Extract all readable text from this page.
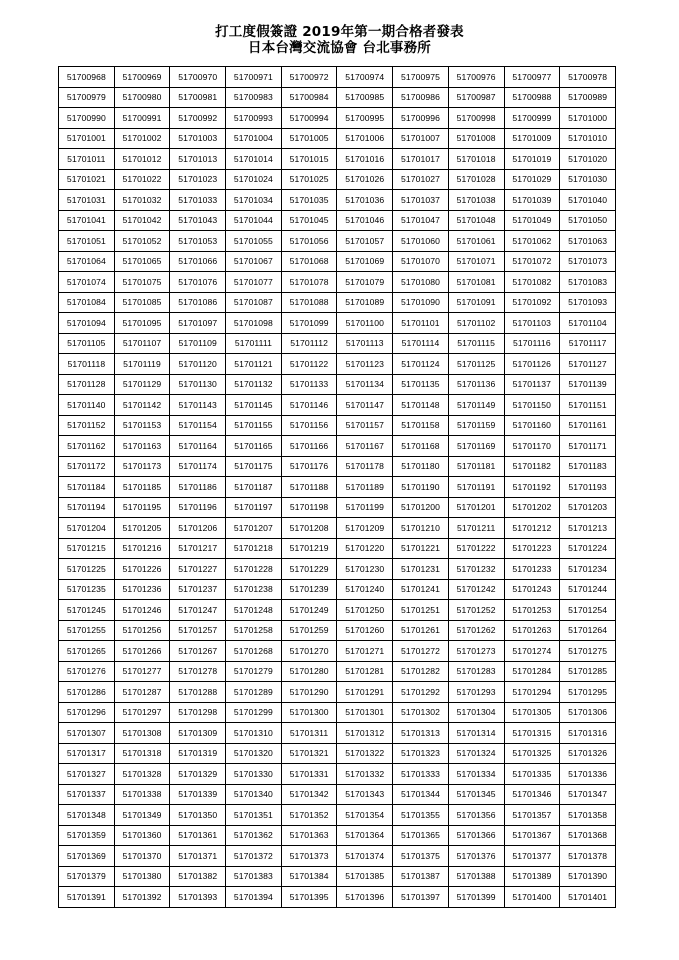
打工度假簽證 2019年第一期合格者發表
日本台灣交流協會 台北事務所
51700968	51700969	51700970	51700971	51700972	51700974	51700975	51700976	51700977	51700978
51700979	51700980	51700981	51700983	51700984	51700985	51700986	51700987	51700988	51700989
51700990	51700991	51700992	51700993	51700994	51700995	51700996	51700998	51700999	51701000
51701001	51701002	51701003	51701004	51701005	51701006	51701007	51701008	51701009	51701010
51701011	51701012	51701013	51701014	51701015	51701016	51701017	51701018	51701019	51701020
51701021	51701022	51701023	51701024	51701025	51701026	51701027	51701028	51701029	51701030
51701031	51701032	51701033	51701034	51701035	51701036	51701037	51701038	51701039	51701040
51701041	51701042	51701043	51701044	51701045	51701046	51701047	51701048	51701049	51701050
51701051	51701052	51701053	51701055	51701056	51701057	51701060	51701061	51701062	51701063
51701064	51701065	51701066	51701067	51701068	51701069	51701070	51701071	51701072	51701073
51701074	51701075	51701076	51701077	51701078	51701079	51701080	51701081	51701082	51701083
51701084	51701085	51701086	51701087	51701088	51701089	51701090	51701091	51701092	51701093
51701094	51701095	51701097	51701098	51701099	51701100	51701101	51701102	51701103	51701104
51701105	51701107	51701109	51701111	51701112	51701113	51701114	51701115	51701116	51701117
51701118	51701119	51701120	51701121	51701122	51701123	51701124	51701125	51701126	51701127
51701128	51701129	51701130	51701132	51701133	51701134	51701135	51701136	51701137	51701139
51701140	51701142	51701143	51701145	51701146	51701147	51701148	51701149	51701150	51701151
51701152	51701153	51701154	51701155	51701156	51701157	51701158	51701159	51701160	51701161
51701162	51701163	51701164	51701165	51701166	51701167	51701168	51701169	51701170	51701171
51701172	51701173	51701174	51701175	51701176	51701178	51701180	51701181	51701182	51701183
51701184	51701185	51701186	51701187	51701188	51701189	51701190	51701191	51701192	51701193
51701194	51701195	51701196	51701197	51701198	51701199	51701200	51701201	51701202	51701203
51701204	51701205	51701206	51701207	51701208	51701209	51701210	51701211	51701212	51701213
51701215	51701216	51701217	51701218	51701219	51701220	51701221	51701222	51701223	51701224
51701225	51701226	51701227	51701228	51701229	51701230	51701231	51701232	51701233	51701234
51701235	51701236	51701237	51701238	51701239	51701240	51701241	51701242	51701243	51701244
51701245	51701246	51701247	51701248	51701249	51701250	51701251	51701252	51701253	51701254
51701255	51701256	51701257	51701258	51701259	51701260	51701261	51701262	51701263	51701264
51701265	51701266	51701267	51701268	51701270	51701271	51701272	51701273	51701274	51701275
51701276	51701277	51701278	51701279	51701280	51701281	51701282	51701283	51701284	51701285
51701286	51701287	51701288	51701289	51701290	51701291	51701292	51701293	51701294	51701295
51701296	51701297	51701298	51701299	51701300	51701301	51701302	51701304	51701305	51701306
51701307	51701308	51701309	51701310	51701311	51701312	51701313	51701314	51701315	51701316
51701317	51701318	51701319	51701320	51701321	51701322	51701323	51701324	51701325	51701326
51701327	51701328	51701329	51701330	51701331	51701332	51701333	51701334	51701335	51701336
51701337	51701338	51701339	51701340	51701342	51701343	51701344	51701345	51701346	51701347
51701348	51701349	51701350	51701351	51701352	51701354	51701355	51701356	51701357	51701358
51701359	51701360	51701361	51701362	51701363	51701364	51701365	51701366	51701367	51701368
51701369	51701370	51701371	51701372	51701373	51701374	51701375	51701376	51701377	51701378
51701379	51701380	51701382	51701383	51701384	51701385	51701387	51701388	51701389	51701390
51701391	51701392	51701393	51701394	51701395	51701396	51701397	51701399	51701400	51701401
